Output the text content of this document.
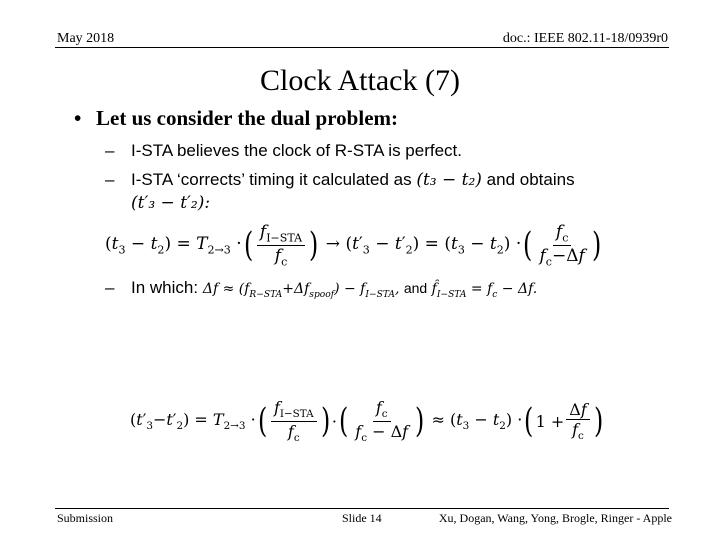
May 2018	doc.: IEEE 802.11-18/0939r0
Clock Attack (7)
• Let us consider the dual problem:
– I-STA believes the clock of R-STA is perfect.
– I-STA ‘corrects’ timing it calculated as (t₃ − t₂) and obtains
(t′₃ − t′₂):
$(t_3 - t_2) = T_{2\to 3}$ · ( $\frac{f_{I-STA}}{f_c}$ ) → $(t'_3 - t'_2) = (t_3 - t_2)$ · ( $\frac{f_c}{f_c-\Delta f}$ )
– In which: $\Delta f \approx (f_{R-STA}+\Delta f_{spoof}) - f_{I-STA}$, and $f̂_{I-STA} = f_c - \Delta f$.
$(t'_3-t'_2) = T_{2\to 3}$ · ( $\frac{f_{I-STA}}{f_c}$ ) · ( $\frac{f_c}{f_c - \Delta f}$ ) ≈ $(t_3 - t_2)$ · ( $1 + \frac{\Delta f}{f_c}$ )
Submission	Slide 14	Xu, Dogan, Wang, Yong, Brogle, Ringer - Apple
